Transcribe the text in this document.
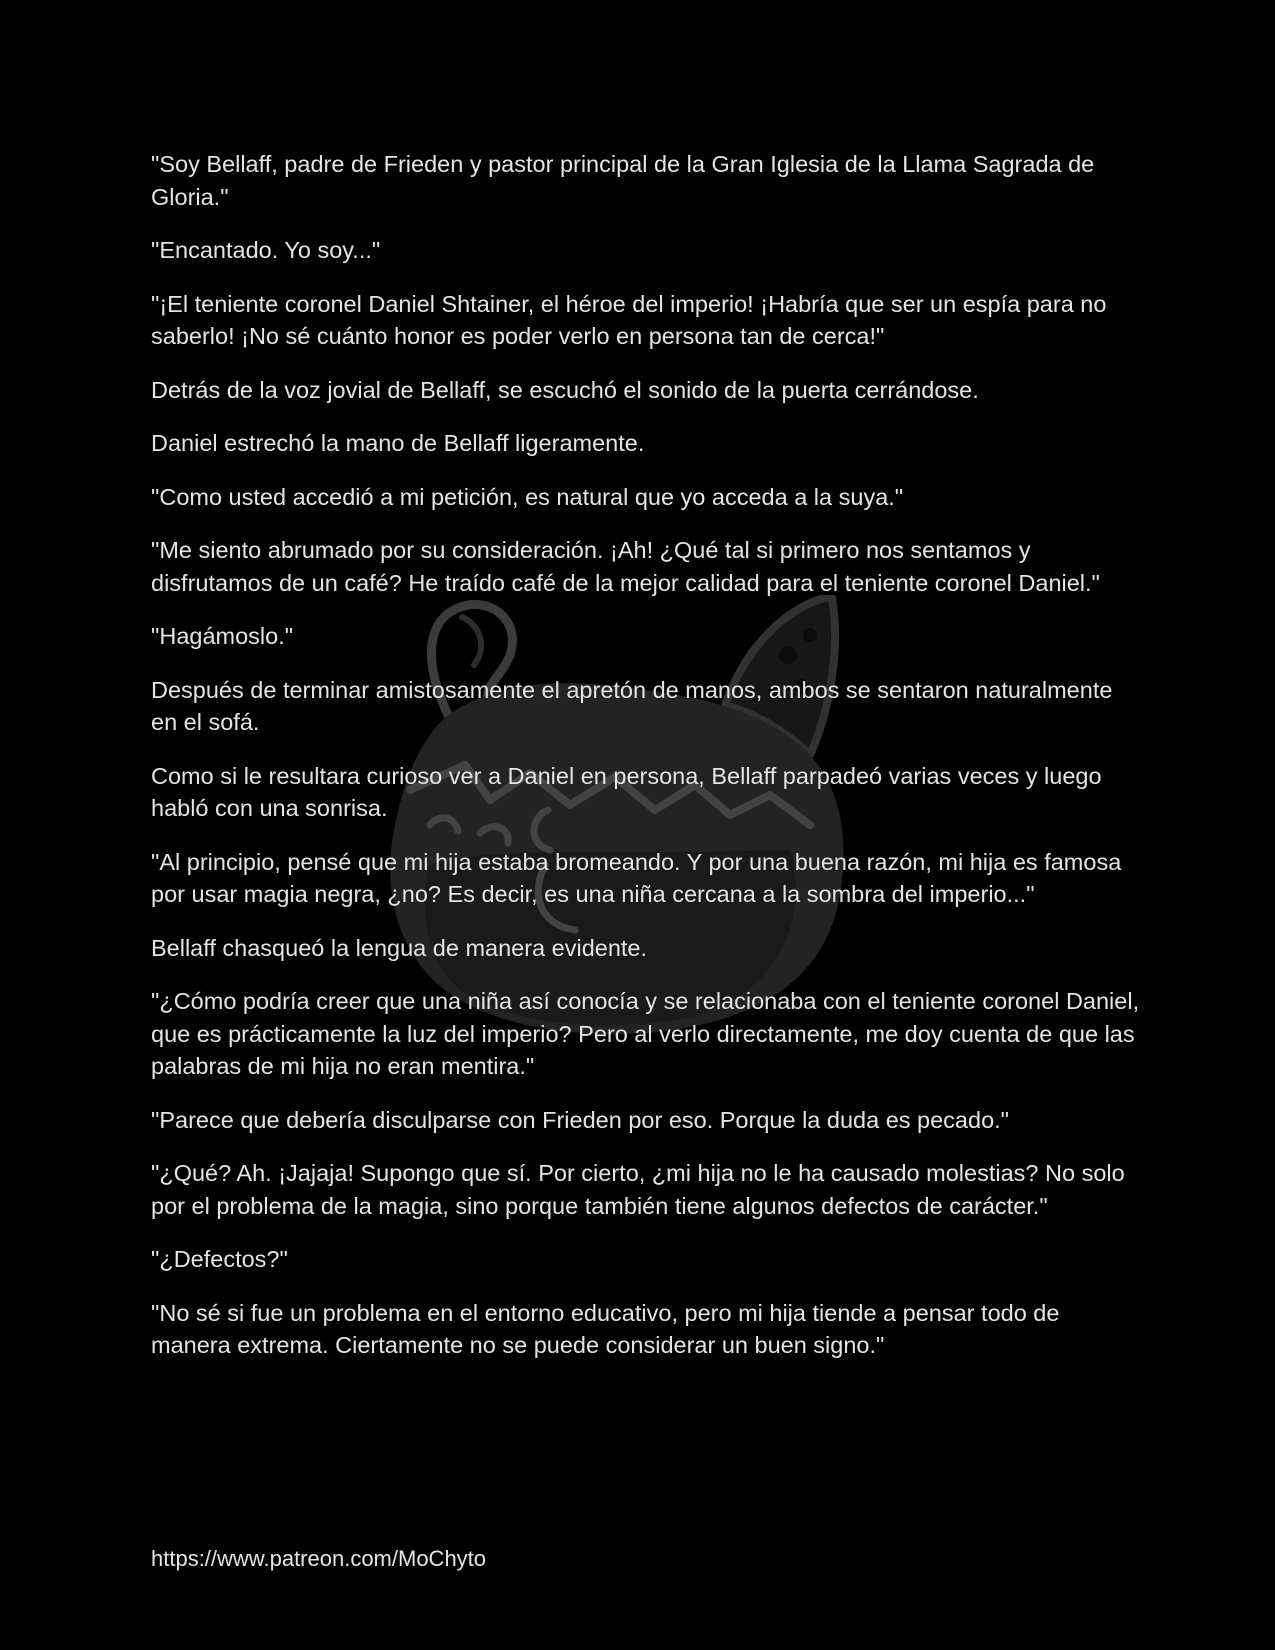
"Soy Bellaff, padre de Frieden y pastor principal de la Gran Iglesia de la Llama Sagrada de Gloria."

"Encantado. Yo soy..."

"¡El teniente coronel Daniel Shtainer, el héroe del imperio! ¡Habría que ser un espía para no saberlo! ¡No sé cuánto honor es poder verlo en persona tan de cerca!"

Detrás de la voz jovial de Bellaff, se escuchó el sonido de la puerta cerrándose.

Daniel estrechó la mano de Bellaff ligeramente.

"Como usted accedió a mi petición, es natural que yo acceda a la suya."

"Me siento abrumado por su consideración. ¡Ah! ¿Qué tal si primero nos sentamos y disfrutamos de un café? He traído café de la mejor calidad para el teniente coronel Daniel."

"Hagámoslo."

Después de terminar amistosamente el apretón de manos, ambos se sentaron naturalmente en el sofá.

Como si le resultara curioso ver a Daniel en persona, Bellaff parpadeó varias veces y luego habló con una sonrisa.

"Al principio, pensé que mi hija estaba bromeando. Y por una buena razón, mi hija es famosa por usar magia negra, ¿no? Es decir, es una niña cercana a la sombra del imperio..."

Bellaff chasqueó la lengua de manera evidente.

"¿Cómo podría creer que una niña así conocía y se relacionaba con el teniente coronel Daniel, que es prácticamente la luz del imperio? Pero al verlo directamente, me doy cuenta de que las palabras de mi hija no eran mentira."

"Parece que debería disculparse con Frieden por eso. Porque la duda es pecado."

"¿Qué? Ah. ¡Jajaja! Supongo que sí. Por cierto, ¿mi hija no le ha causado molestias? No solo por el problema de la magia, sino porque también tiene algunos defectos de carácter."

"¿Defectos?"

"No sé si fue un problema en el entorno educativo, pero mi hija tiende a pensar todo de manera extrema. Ciertamente no se puede considerar un buen signo."

https://www.patreon.com/MoChyto
